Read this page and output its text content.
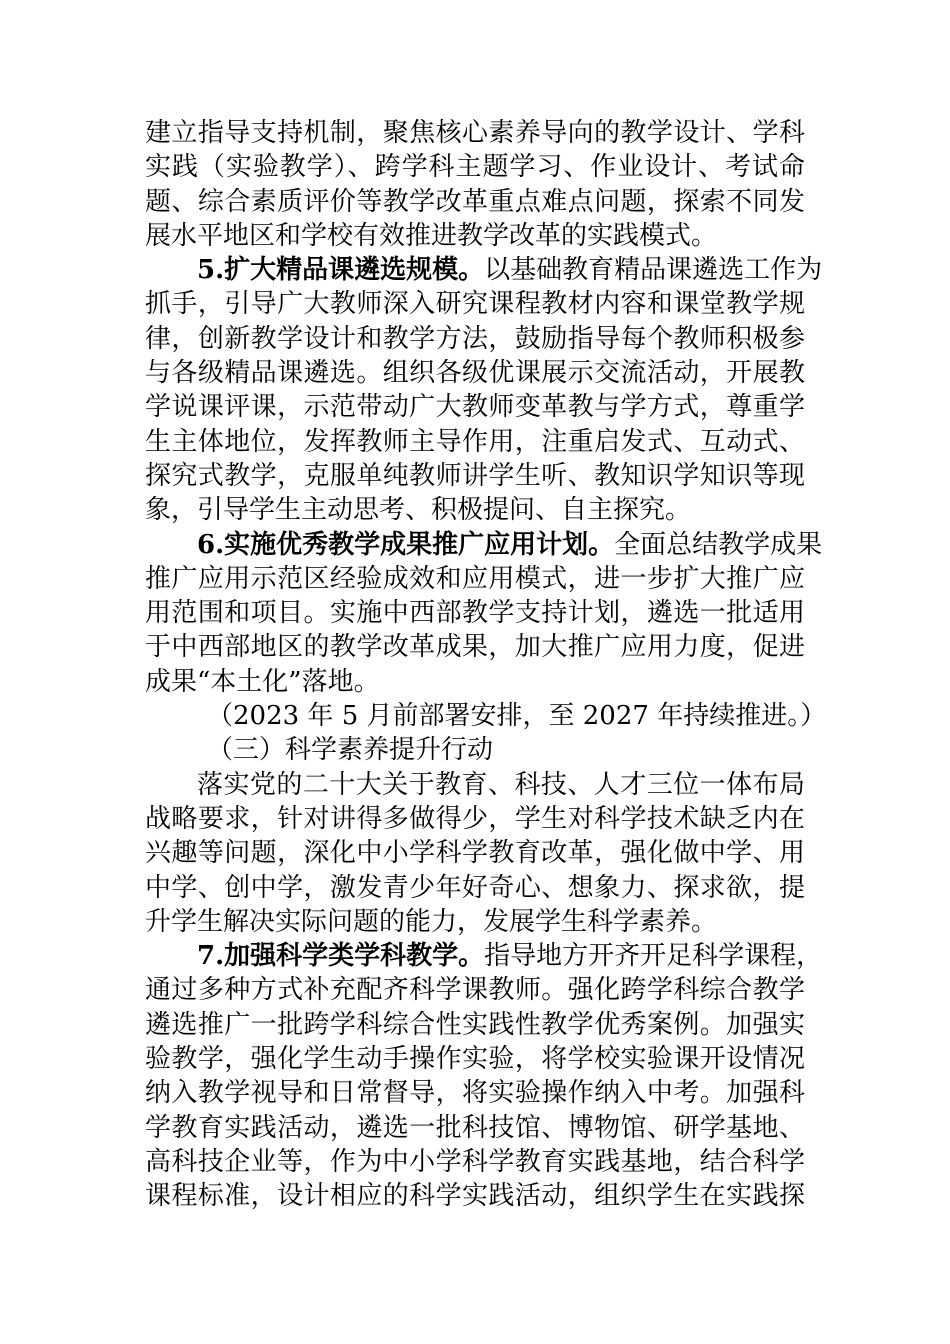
建立指导支持机制，聚焦核心素养导向的教学设计、学科
实践（实验教学）、跨学科主题学习、作业设计、考试命
题、综合素质评价等教学改革重点难点问题，探索不同发
展水平地区和学校有效推进教学改革的实践模式。
5.扩大精品课遴选规模。以基础教育精品课遴选工作为
抓手，引导广大教师深入研究课程教材内容和课堂教学规
律，创新教学设计和教学方法，鼓励指导每个教师积极参
与各级精品课遴选。组织各级优课展示交流活动，开展教
学说课评课，示范带动广大教师变革教与学方式，尊重学
生主体地位，发挥教师主导作用，注重启发式、互动式、
探究式教学，克服单纯教师讲学生听、教知识学知识等现
象，引导学生主动思考、积极提问、自主探究。
6.实施优秀教学成果推广应用计划。全面总结教学成果
推广应用示范区经验成效和应用模式，进一步扩大推广应
用范围和项目。实施中西部教学支持计划，遴选一批适用
于中西部地区的教学改革成果，加大推广应用力度，促进
成果“本土化”落地。
（2023 年 5 月前部署安排，至 2027 年持续推进。）
（三）科学素养提升行动
落实党的二十大关于教育、科技、人才三位一体布局
战略要求，针对讲得多做得少，学生对科学技术缺乏内在
兴趣等问题，深化中小学科学教育改革，强化做中学、用
中学、创中学，激发青少年好奇心、想象力、探求欲，提
升学生解决实际问题的能力，发展学生科学素养。
7.加强科学类学科教学。指导地方开齐开足科学课程，
通过多种方式补充配齐科学课教师。强化跨学科综合教学
遴选推广一批跨学科综合性实践性教学优秀案例。加强实
验教学，强化学生动手操作实验，将学校实验课开设情况
纳入教学视导和日常督导，将实验操作纳入中考。加强科
学教育实践活动，遴选一批科技馆、博物馆、研学基地、
高科技企业等，作为中小学科学教育实践基地，结合科学
课程标准，设计相应的科学实践活动，组织学生在实践探
